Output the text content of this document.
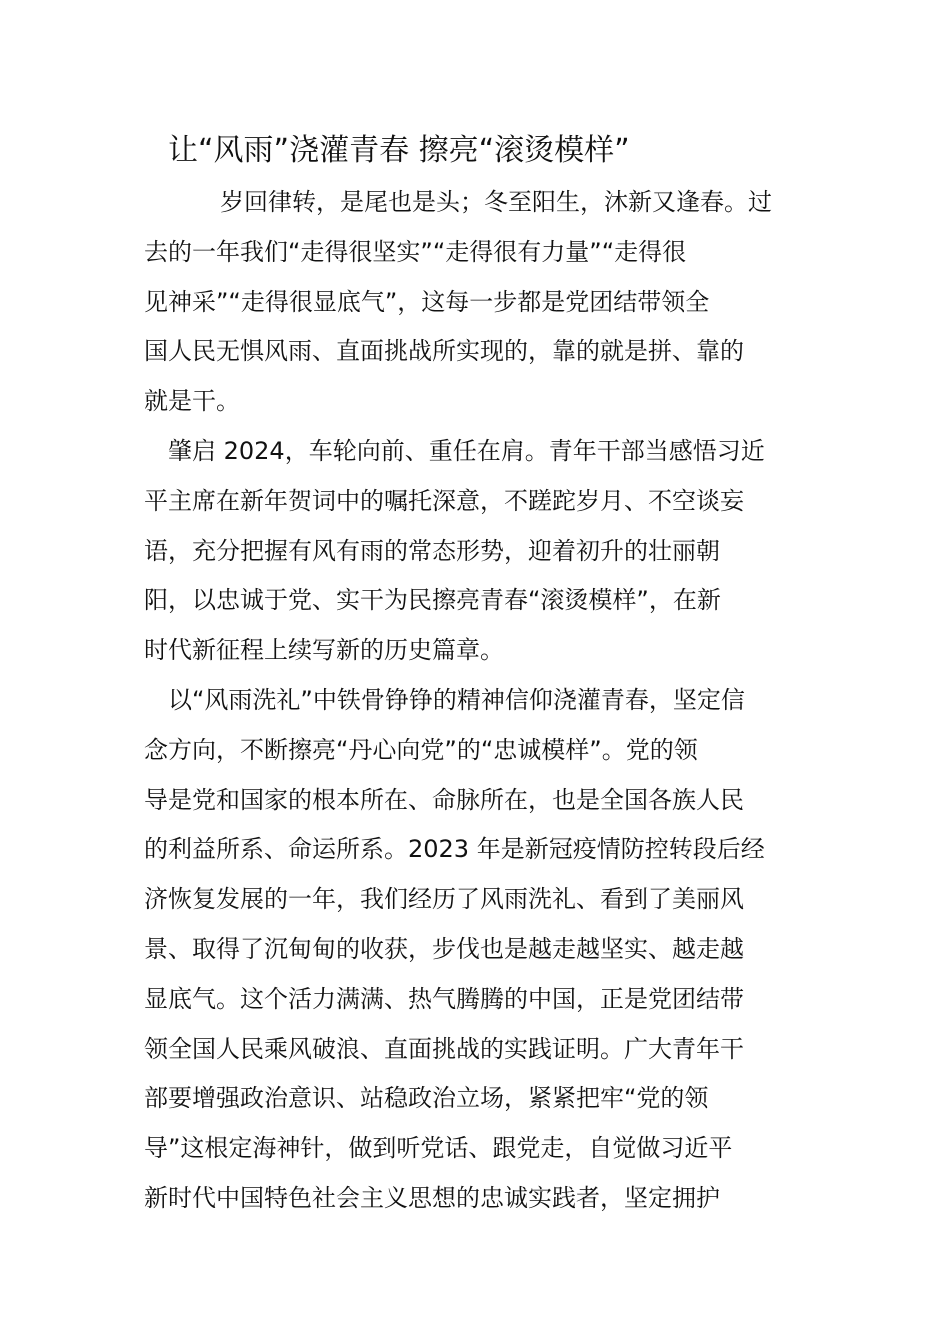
让“风雨”浇灌青春 擦亮“滚烫模样”

岁回律转，是尾也是头；冬至阳生，沐新又逢春。过

去的一年我们“走得很坚实”“走得很有力量”“走得很

见神采”“走得很显底气”，这每一步都是党团结带领全

国人民无惧风雨、直面挑战所实现的，靠的就是拼、靠的

就是干。

肇启 2024，车轮向前、重任在肩。青年干部当感悟习近

平主席在新年贺词中的嘱托深意，不蹉跎岁月、不空谈妄

语，充分把握有风有雨的常态形势，迎着初升的壮丽朝

阳，以忠诚于党、实干为民擦亮青春“滚烫模样”，在新

时代新征程上续写新的历史篇章。

以“风雨洗礼”中铁骨铮铮的精神信仰浇灌青春，坚定信

念方向，不断擦亮“丹心向党”的“忠诚模样”。党的领

导是党和国家的根本所在、命脉所在，也是全国各族人民

的利益所系、命运所系。2023 年是新冠疫情防控转段后经

济恢复发展的一年，我们经历了风雨洗礼、看到了美丽风

景、取得了沉甸甸的收获，步伐也是越走越坚实、越走越

显底气。这个活力满满、热气腾腾的中国，正是党团结带

领全国人民乘风破浪、直面挑战的实践证明。广大青年干

部要增强政治意识、站稳政治立场，紧紧把牢“党的领

导”这根定海神针，做到听党话、跟党走，自觉做习近平

新时代中国特色社会主义思想的忠诚实践者，坚定拥护
